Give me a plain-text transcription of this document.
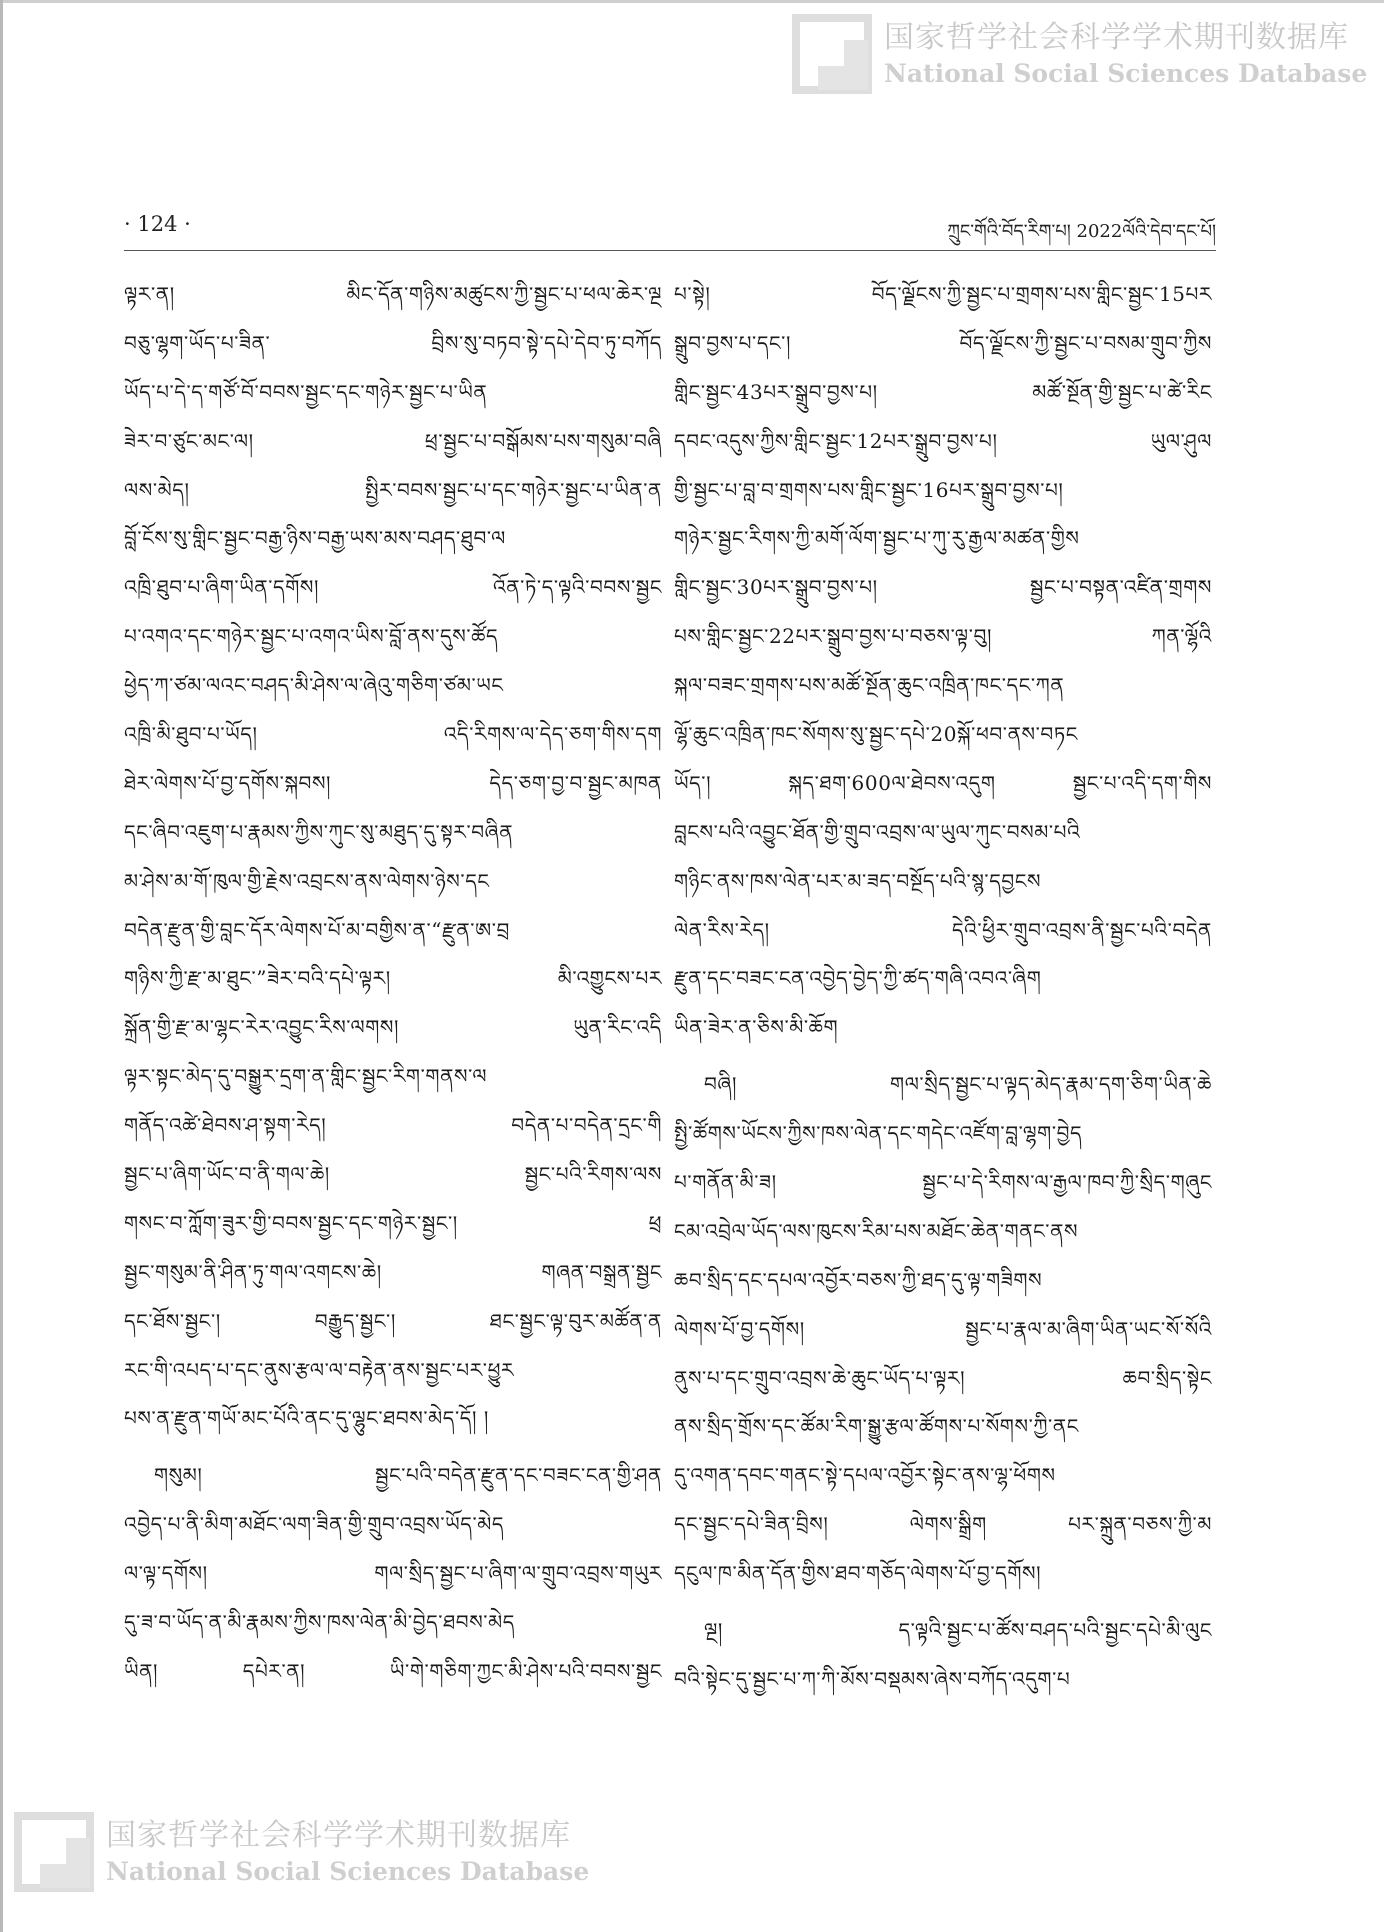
国家哲学社会科学学术期刊数据库
National Social Sciences Database
· 124 ·	ཀྲུང་གོའི་བོད་རིག་པ། 2022ལོའི་དེབ་དང་པོ།
ལྟར་ན། མིང་དོན་གཉིས་མཚུངས་ཀྱི་སྦྱང་པ་ཕལ་ཆེར་ལྔ
བཅུ་ལྷག་ཡོད་པ་ཟིན་ བྲིས་སུ་བཏབ་སྟེ་དཔེ་དེབ་ཏུ་བཀོད
ཡོད་པ་དེ་ད་གཙོ་བོ་བབས་སྦྱང་དང་གཉེར་སྦྱང་པ་ཡིན
ཟེར་བ་ཙུང་མང་ལ། ཕྲ་སྦྱང་པ་བསྒོམས་པས་གསུམ་བཞི
ལས་མེད། སྤྱིར་བབས་སྦྱང་པ་དང་གཉེར་སྦྱང་པ་ཡིན་ན
བློ་ངོས་སུ་གླིང་སྦྱང་བརྒྱ་ཉིས་བརྒྱ་ཡས་མས་བཤད་ཐུབ་ལ
འཁྲི་ཐུབ་པ་ཞིག་ཡིན་དགོས། འོན་ཏེ་ད་ལྟའི་བབས་སྦྱང
པ་འགའ་དང་གཉེར་སྦྱང་པ་འགའ་ཡིས་བློ་ནས་དུས་ཚོད
ཕྱེད་ཀ་ཙམ་ལའང་བཤད་མི་ཤེས་ལ་ཞེའུ་གཅིག་ཙམ་ཡང
འཁྲི་མི་ཐུབ་པ་ཡོད། འདི་རིགས་ལ་དེད་ཅག་གིས་དག
ཐེར་ལེགས་པོ་བྱ་དགོས་སྐབས། དེད་ཅག་བྱ་བ་སྦྱང་མཁན
དང་ཞིབ་འཇུག་པ་རྣམས་ཀྱིས་ཀུང་སུ་མཐུད་དུ་སྟར་བཞིན
མ་ཤེས་མ་གོ་ཁུལ་གྱི་རྗེས་འབྲངས་ནས་ལེགས་ཉེས་དང
བདེན་རྫུན་གྱི་བླང་དོར་ལེགས་པོ་མ་བགྱིས་ན་“རྫུན་ཨ་བྲ
གཉིས་ཀྱི་རྫ་མ་ཐུང་”ཟེར་བའི་དཔེ་ལྟར། མི་འགྱུངས་པར
སྐྲོན་གྱི་རྫ་མ་ལྷང་རེར་འབྱུང་རིས་ལགས། ཡུན་རིང་འདི
ལྟར་སྟང་མེད་དུ་བསྒྱུར་དྲག་ན་གླིང་སྦྱང་རིག་གནས་ལ
གནོད་འཚེ་ཐེབས་ཤ་སྟག་རེད། བདེན་པ་བདེན་དྲང་གི
སྦྱང་པ་ཞིག་ཡོང་བ་ནི་གལ་ཆེ། སྦྱང་པའི་རིགས་ལས
གསང་བ་ཀློག་ཟུར་གྱི་བབས་སྦྱང་དང་གཉེར་སྦྱང་། ཕྲ
སྦྱང་གསུམ་ནི་ཤིན་ཏུ་གལ་འགངས་ཆེ། གཞན་བསྒྲན་སྦྱང
དང་ཐོས་སྦྱང་། བརྒྱུད་སྦྱང་། ཐང་སྦྱང་ལྟ་བུར་མཚོན་ན
རང་གི་འཔད་པ་དང་ནུས་རྩལ་ལ་བརྟེན་ནས་སྦྱང་པར་ཕྱུར
པས་ན་རྫུན་གཡོ་མང་པོའི་ནང་དུ་ལྷུང་ཐབས་མེད་དོ། །
གསུམ། སྦྱང་པའི་བདེན་རྫུན་དང་བཟང་ངན་གྱི་ཤན
འབྱེད་པ་ནི་མིག་མཐོང་ལག་ཟིན་གྱི་གྲུབ་འབྲས་ཡོད་མེད
ལ་ལྟ་དགོས། གལ་སྲིད་སྦྱང་པ་ཞིག་ལ་གྲུབ་འབྲས་གཡུར
དུ་ཟ་བ་ཡོད་ན་མི་རྣམས་ཀྱིས་ཁས་ལེན་མི་བྱེད་ཐབས་མེད
ཡིན། དཔེར་ན། ཡི་གེ་གཅིག་ཀྱང་མི་ཤེས་པའི་བབས་སྦྱང
པ་སྟེ། བོད་ལྗོངས་ཀྱི་སྦྱང་པ་གྲགས་པས་གླིང་སྦྱང་15པར
སྒྲུབ་བྱས་པ་དང་། བོད་ལྗོངས་ཀྱི་སྦྱང་པ་བསམ་གྲུབ་ཀྱིས
གླིང་སྦྱང་43པར་སྒྲུབ་བྱས་པ། མཚོ་སྔོན་གྱི་སྦྱང་པ་ཚེ་རིང
དབང་འདུས་ཀྱིས་གླིང་སྦྱང་12པར་སྒྲུབ་བྱས་པ། ཡུལ་ཤུལ
གྱི་སྦྱང་པ་བླ་བ་གྲགས་པས་གླིང་སྦྱང་16པར་སྒྲུབ་བྱས་པ།
གཉེར་སྦྱང་རིགས་ཀྱི་མགོ་ལོག་སྦྱང་པ་ཀུ་རུ་རྒྱལ་མཚན་གྱིས
གླིང་སྦྱང་30པར་སྒྲུབ་བྱས་པ། སྦྱང་པ་བསྟན་འཛིན་གྲགས
པས་གླིང་སྦྱང་22པར་སྒྲུབ་བྱས་པ་བཅས་ལྟ་བུ། ཀན་ལྷོའི
སྐལ་བཟང་གྲགས་པས་མཚོ་སྔོན་ཆུང་འཁྲིན་ཁང་དང་ཀན
ལྷོ་ཆུང་འཁྲིན་ཁང་སོགས་སུ་སྦྱང་དཔེ་20སྐོ་ཕབ་ནས་བཏང
ཡོད་། སྐད་ཐག་600ལ་ཐེབས་འདུག སྦྱང་པ་འདི་དག་གིས
བླངས་པའི་འབྱུང་ཐོན་གྱི་གྲུབ་འབྲས་ལ་ཡུལ་ཀུང་བསམ་པའི
གཉིང་ནས་ཁས་ལེན་པར་མ་ཟད་བསྔོད་པའི་སྙ་དབྱངས
ལེན་རིས་རེད། དེའི་ཕྱིར་གྲུབ་འབྲས་ནི་སྦྱང་པའི་བདེན
རྫུན་དང་བཟང་ངན་འབྱེད་བྱེད་ཀྱི་ཚད་གཞི་འབའ་ཞིག
ཡིན་ཟེར་ན་ཅིས་མི་ཆོག
བཞི། གལ་སྲིད་སྦྱང་པ་ལྟད་མེད་རྣམ་དག་ཅིག་ཡིན་ཆེ
སྤྱི་ཚོགས་ཡོངས་ཀྱིས་ཁས་ལེན་དང་གདེང་འཛོག་བླ་ལྷག་བྱེད
པ་གནོན་མི་ཟ། སྦྱང་པ་དེ་རིགས་ལ་རྒྱལ་ཁབ་ཀྱི་སྲིད་གཞུང
ངམ་འབྲེལ་ཡོད་ལས་ཁུངས་རིམ་པས་མཐོང་ཆེན་གནང་ནས
ཆབ་སྲིད་དང་དཔལ་འབྱོར་བཅས་ཀྱི་ཐད་དུ་ལྟ་གཟིགས
ལེགས་པོ་བྱ་དགོས། སྦྱང་པ་རྣལ་མ་ཞིག་ཡིན་ཡང་སོ་སོའི
ནུས་པ་དང་གྲུབ་འབྲས་ཆེ་ཆུང་ཡོད་པ་ལྟར། ཆབ་སྲིད་སྟེང
ནས་སྲིད་གྲོས་དང་ཚོམ་རིག་སྒྱུ་རྩལ་ཚོགས་པ་སོགས་ཀྱི་ནང
དུ་འགན་དབང་གནང་སྟེ་དཔལ་འབྱོར་སྟེང་ནས་ལྷ་ཕོགས
དང་སྦྱང་དཔེ་ཟིན་བྲིས། ལེགས་སྒྲིག པར་སྐྲུན་བཅས་ཀྱི་མ
དངུལ་ཁ་མིན་དོན་གྱིས་ཐབ་གཅོད་ལེགས་པོ་བྱ་དགོས།
ལྔ། ད་ལྟའི་སྦྱང་པ་ཚོས་བཤད་པའི་སྦྱང་དཔེ་མི་ལུང
བའི་སྟེང་དུ་སྦྱང་པ་ཀ་ཀི་མོས་བསྡམས་ཞེས་བཀོད་འདུག་པ
国家哲学社会科学学术期刊数据库
National Social Sciences Database
